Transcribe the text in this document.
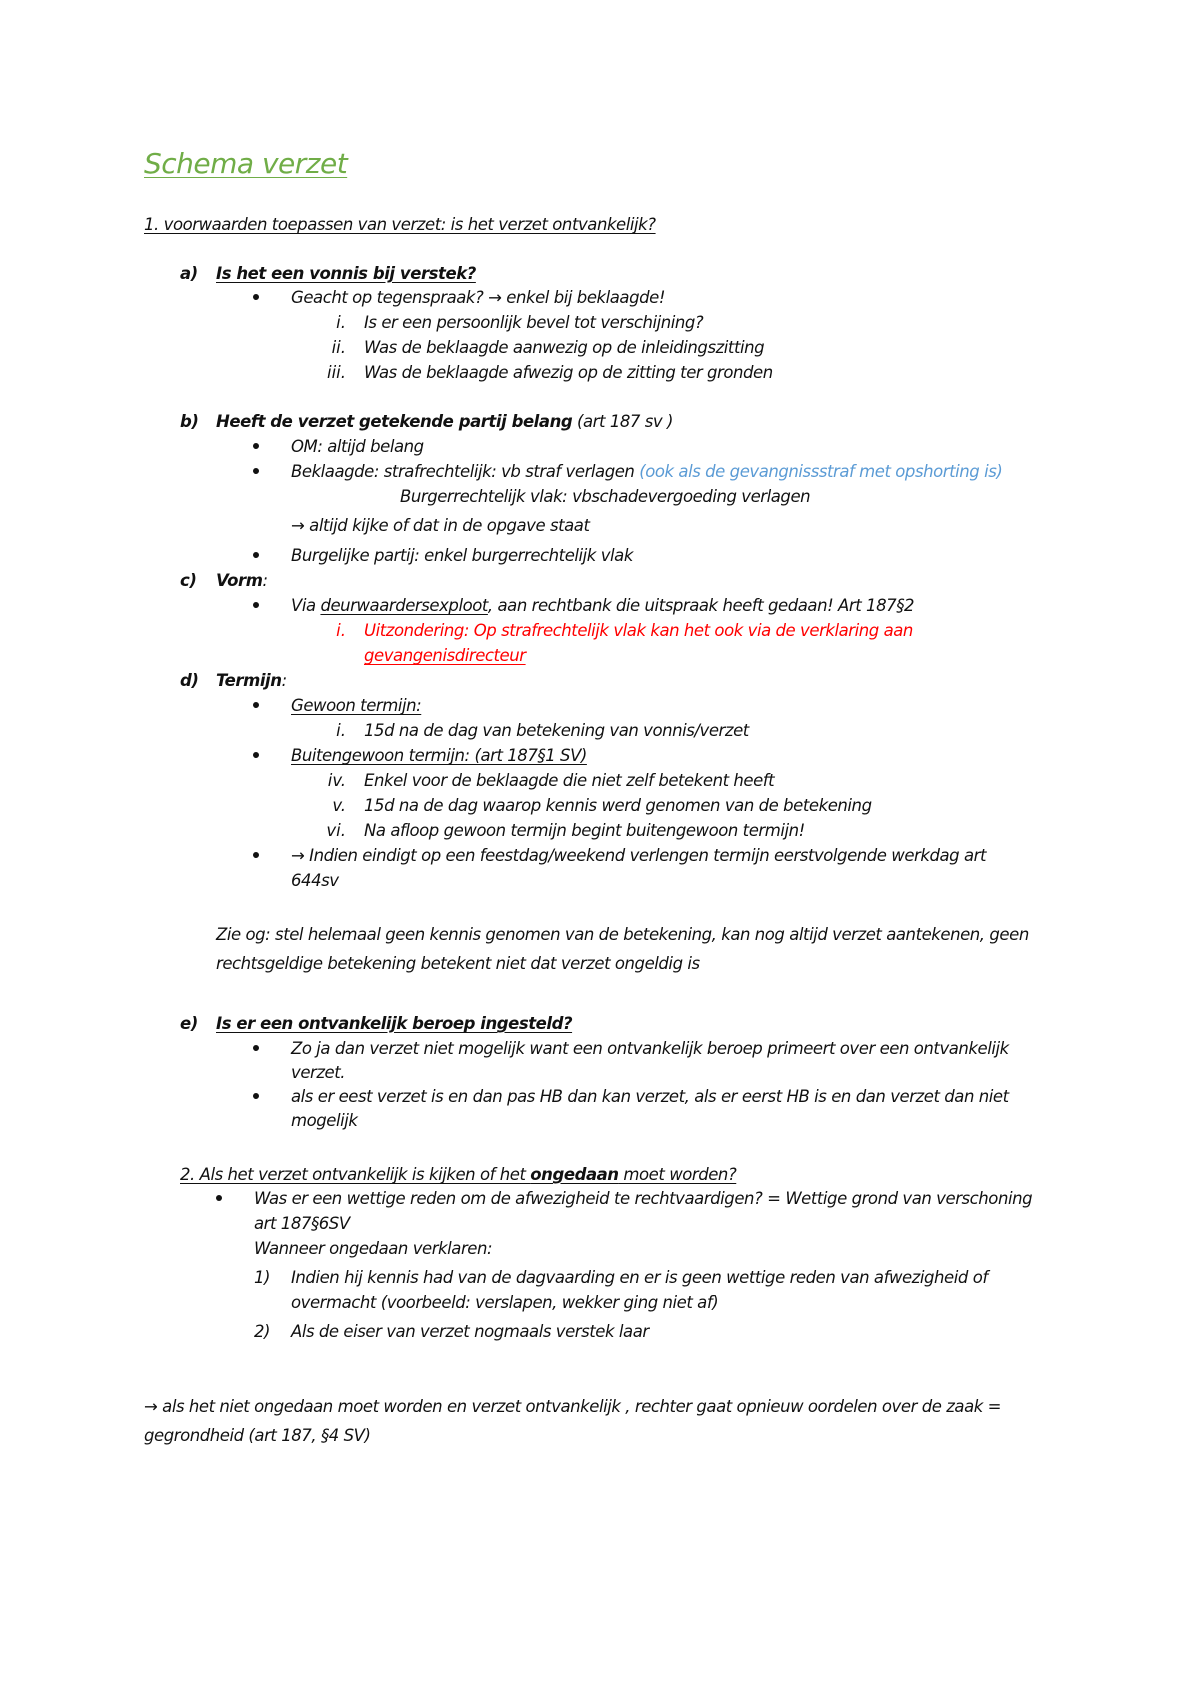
Schema verzet
1. voorwaarden toepassen van verzet: is het verzet ontvankelijk?
a) Is het een vonnis bij verstek?
Geacht op tegenspraak? → enkel bij beklaagde!
i. Is er een persoonlijk bevel tot verschijning?
ii. Was de beklaagde aanwezig op de inleidingszitting
iii. Was de beklaagde afwezig op de zitting ter gronden
b) Heeft de verzet getekende partij belang (art 187 sv )
OM: altijd belang
Beklaagde: strafrechtelijk: vb straf verlagen (ook als de gevangnissstraf met opshorting is)
Burgerrechtelijk vlak: vbschadevergoeding verlagen
→ altijd kijke of dat in de opgave staat
Burgelijke partij: enkel burgerrechtelijk vlak
c) Vorm:
Via deurwaardersexploot, aan rechtbank die uitspraak heeft gedaan! Art 187§2
i. Uitzondering: Op strafrechtelijk vlak kan het ook via de verklaring aan
gevangenisdirecteur
d) Termijn:
Gewoon termijn:
i. 15d na de dag van betekening van vonnis/verzet
Buitengewoon termijn: (art 187§1 SV)
iv. Enkel voor de beklaagde die niet zelf betekent heeft
v. 15d na de dag waarop kennis werd genomen van de betekening
vi. Na afloop gewoon termijn begint buitengewoon termijn!
→ Indien eindigt op een feestdag/weekend verlengen termijn eerstvolgende werkdag art
644sv
Zie og: stel helemaal geen kennis genomen van de betekening, kan nog altijd verzet aantekenen, geen
rechtsgeldige betekening betekent niet dat verzet ongeldig is
e) Is er een ontvankelijk beroep ingesteld?
Zo ja dan verzet niet mogelijk want een ontvankelijk beroep primeert over een ontvankelijk
verzet.
als er eest verzet is en dan pas HB dan kan verzet, als er eerst HB is en dan verzet dan niet
mogelijk
2. Als het verzet ontvankelijk is kijken of het ongedaan moet worden?
Was er een wettige reden om de afwezigheid te rechtvaardigen? = Wettige grond van verschoning
art 187§6SV
Wanneer ongedaan verklaren:
1) Indien hij kennis had van de dagvaarding en er is geen wettige reden van afwezigheid of
overmacht (voorbeeld: verslapen, wekker ging niet af)
2) Als de eiser van verzet nogmaals verstek laar
→ als het niet ongedaan moet worden en verzet ontvankelijk , rechter gaat opnieuw oordelen over de zaak =
gegrondheid (art 187, §4 SV)
